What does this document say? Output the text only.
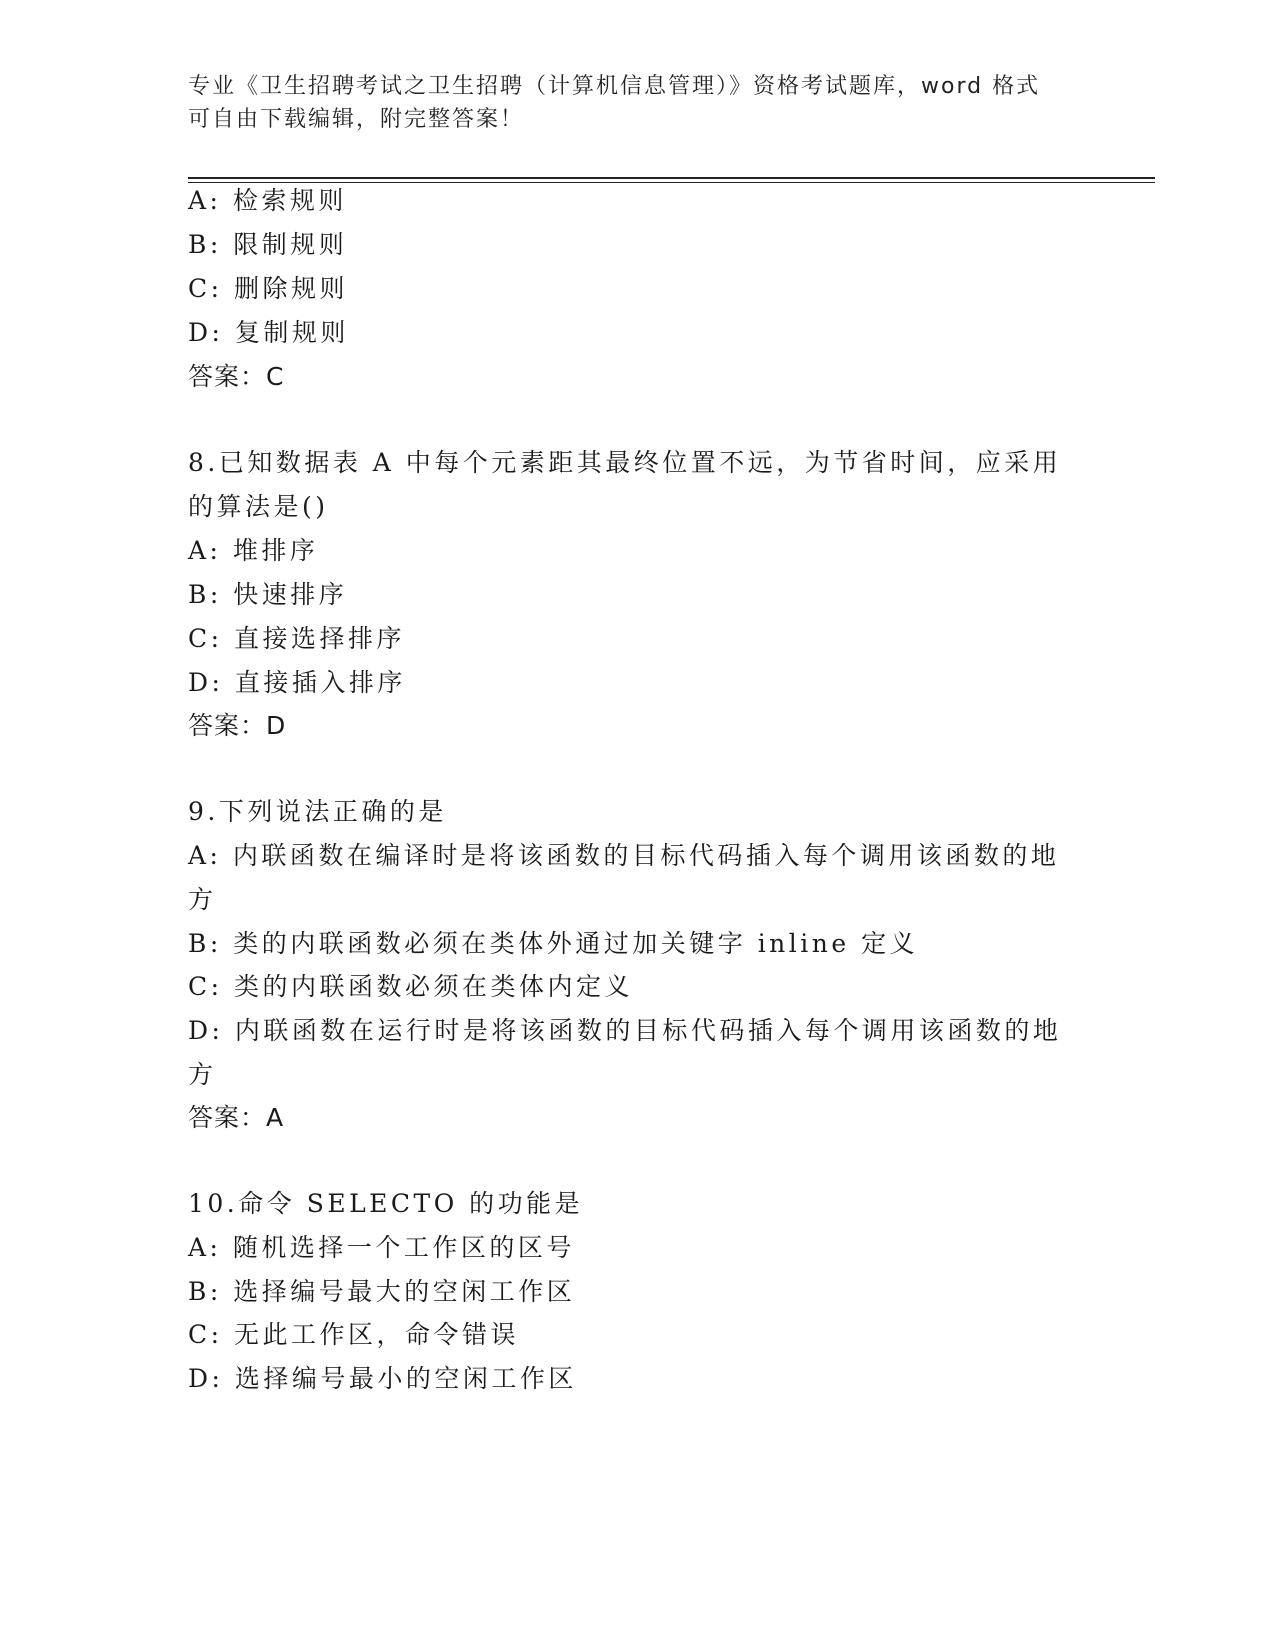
专业《卫生招聘考试之卫生招聘（计算机信息管理）》资格考试题库，word 格式
可自由下载编辑，附完整答案！
A: 检索规则
B: 限制规则
C: 删除规则
D: 复制规则
答案：C
8.已知数据表 A 中每个元素距其最终位置不远，为节省时间，应采用
的算法是()
A: 堆排序
B: 快速排序
C: 直接选择排序
D: 直接插入排序
答案：D
9.下列说法正确的是
A: 内联函数在编译时是将该函数的目标代码插入每个调用该函数的地
方
B: 类的内联函数必须在类体外通过加关键字 inline 定义
C: 类的内联函数必须在类体内定义
D: 内联函数在运行时是将该函数的目标代码插入每个调用该函数的地
方
答案：A
10.命令 SELECTO 的功能是
A: 随机选择一个工作区的区号
B: 选择编号最大的空闲工作区
C: 无此工作区，命令错误
D: 选择编号最小的空闲工作区
